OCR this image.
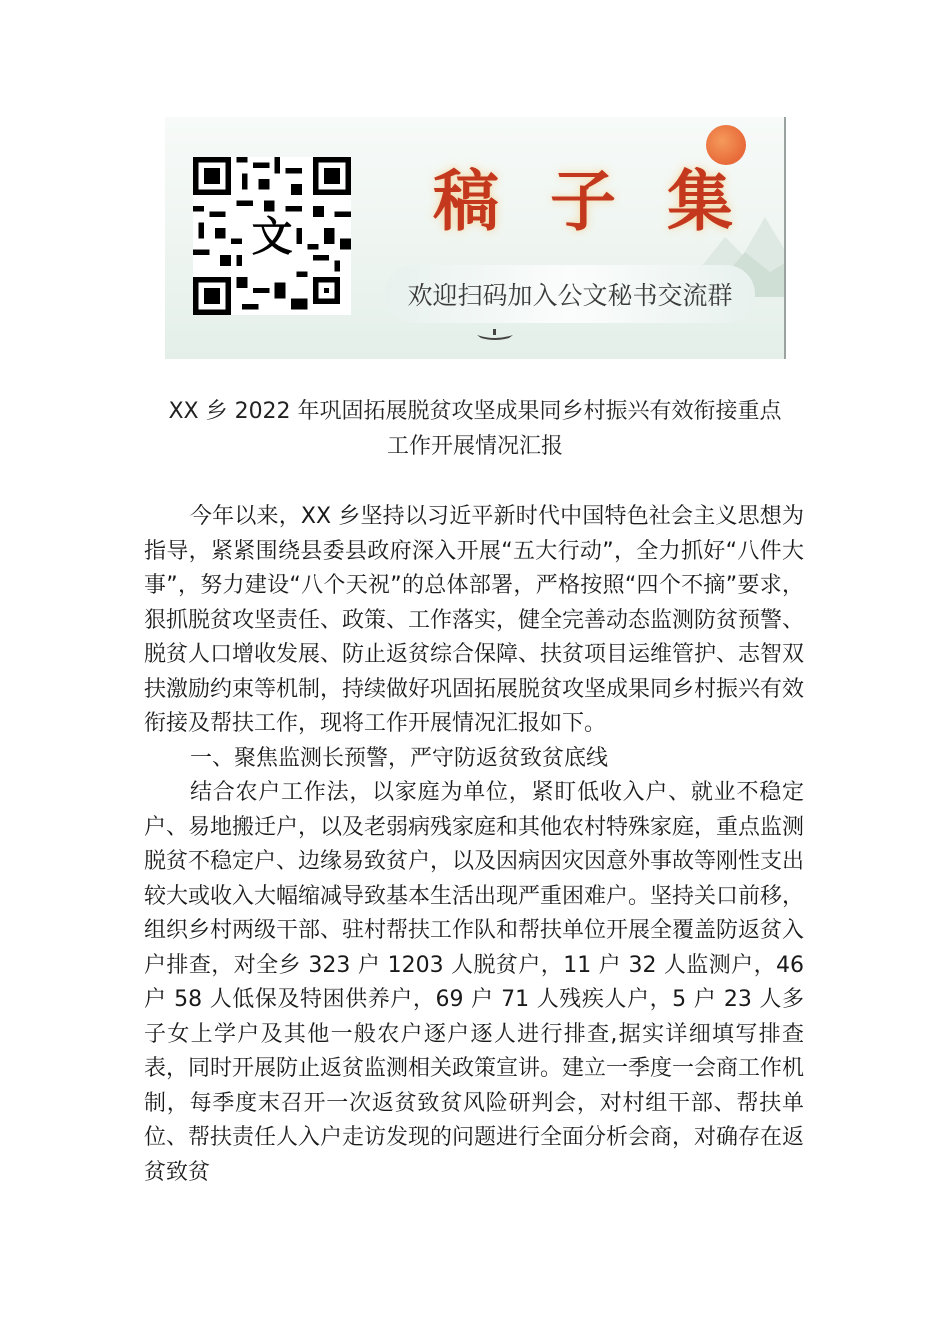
文 稿 子 集
欢迎扫码加入公文秘书交流群
XX 乡 2022 年巩固拓展脱贫攻坚成果同乡村振兴有效衔接重点
工作开展情况汇报

今年以来，XX 乡坚持以习近平新时代中国特色社会主义思想为指导，紧紧围绕县委县政府深入开展“五大行动”，全力抓好“八件大事”，努力建设“八个天祝”的总体部署，严格按照“四个不摘”要求，狠抓脱贫攻坚责任、政策、工作落实，健全完善动态监测防贫预警、脱贫人口增收发展、防止返贫综合保障、扶贫项目运维管护、志智双扶激励约束等机制，持续做好巩固拓展脱贫攻坚成果同乡村振兴有效衔接及帮扶工作，现将工作开展情况汇报如下。

一、聚焦监测长预警，严守防返贫致贫底线

结合农户工作法，以家庭为单位，紧盯低收入户、就业不稳定户、易地搬迁户，以及老弱病残家庭和其他农村特殊家庭，重点监测脱贫不稳定户、边缘易致贫户，以及因病因灾因意外事故等刚性支出较大或收入大幅缩减导致基本生活出现严重困难户。坚持关口前移，组织乡村两级干部、驻村帮扶工作队和帮扶单位开展全覆盖防返贫入户排查，对全乡 323 户 1203 人脱贫户，11 户 32 人监测户，46 户 58 人低保及特困供养户，69 户 71 人残疾人户，5 户 23 人多子女上学户及其他一般农户逐户逐人进行排查,据实详细填写排查表，同时开展防止返贫监测相关政策宣讲。建立一季度一会商工作机制，每季度末召开一次返贫致贫风险研判会，对村组干部、帮扶单位、帮扶责任人入户走访发现的问题进行全面分析会商，对确存在返贫致贫
